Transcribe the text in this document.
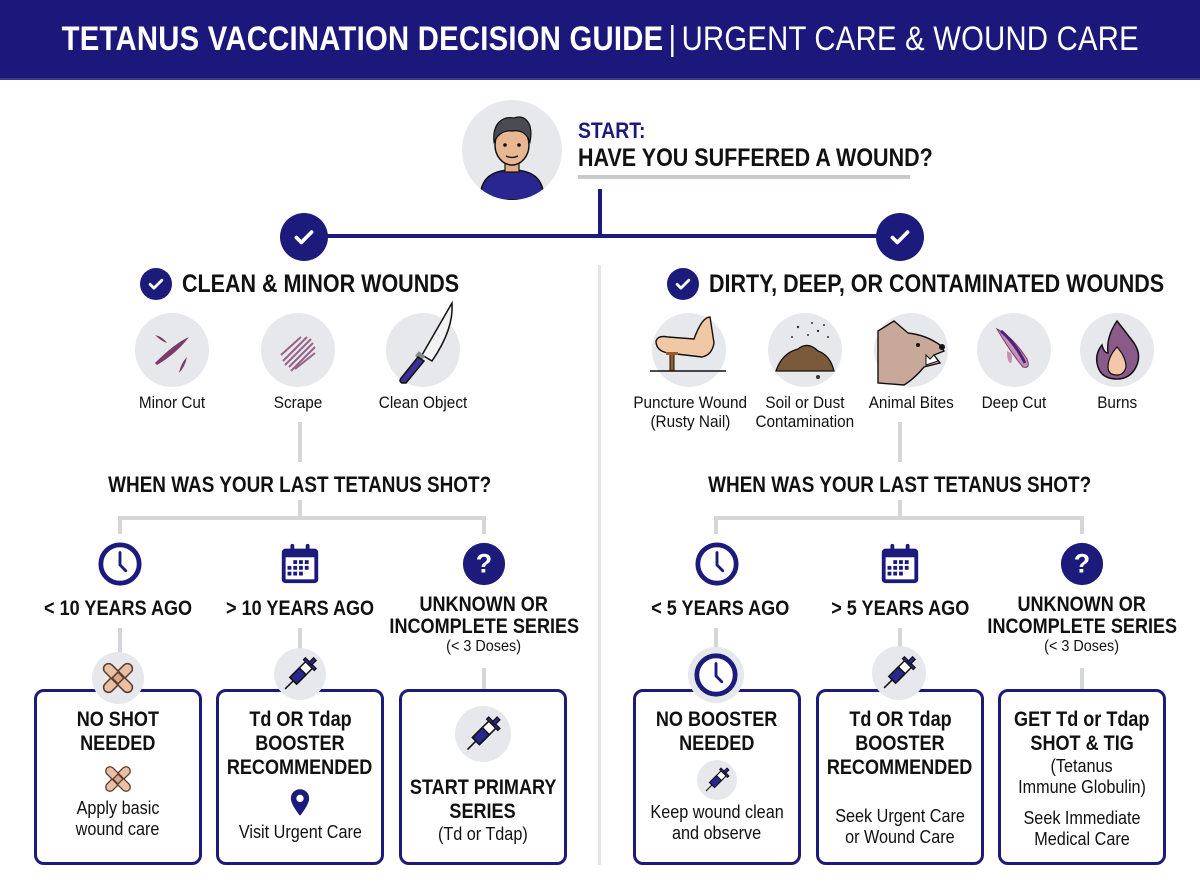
TETANUS VACCINATION DECISION GUIDE | URGENT CARE & WOUND CARE
START:
HAVE YOU SUFFERED A WOUND?
CLEAN & MINOR WOUNDS
Minor Cut	Scrape	Clean Object
WHEN WAS YOUR LAST TETANUS SHOT?
< 10 YEARS AGO > 10 YEARS AGO UNKNOWN OR
INCOMPLETE SERIES
(< 3 Doses)
NO SHOT
NEEDED
Apply basic
wound care
Td OR Tdap
BOOSTER
RECOMMENDED
Visit Urgent Care
START PRIMARY
SERIES
(Td or Tdap)
DIRTY, DEEP, OR CONTAMINATED WOUNDS
Puncture Wound
(Rusty Nail)
Soil or Dust
Contamination
Animal Bites Deep Cut	Burns
WHEN WAS YOUR LAST TETANUS SHOT?
< 5 YEARS AGO > 5 YEARS AGO UNKNOWN OR
INCOMPLETE SERIES
(< 3 Doses)
NO BOOSTER
NEEDED
Keep wound clean
and observe
Td OR Tdap
BOOSTER
RECOMMENDED
Seek Urgent Care
or Wound Care
GET Td or Tdap
SHOT & TIG
(Tetanus
Immune Globulin)
Seek Immediate
Medical Care
